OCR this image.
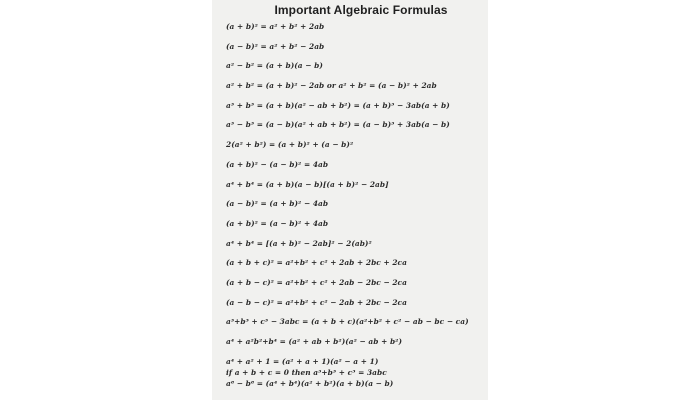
Important Algebraic Formulas
(a + b)² = a² + b² + 2ab
(a − b)² = a² + b² − 2ab
a² − b² = (a + b)(a − b)
a² + b² = (a + b)² − 2ab or a² + b² = (a − b)² + 2ab
a³ + b³ = (a + b)(a² − ab + b²) = (a + b)³ − 3ab(a + b)
a³ − b³ = (a − b)(a² + ab + b²) = (a − b)³ + 3ab(a − b)
2(a² + b²) = (a + b)² + (a − b)²
(a + b)² − (a − b)² = 4ab
a⁴ + b⁴ = (a + b)(a − b)[(a + b)² − 2ab]
(a − b)² = (a + b)² − 4ab
(a + b)² = (a − b)² + 4ab
a⁴ + b⁴ = [(a + b)² − 2ab]² − 2(ab)²
(a + b + c)² = a²+b² + c² + 2ab + 2bc + 2ca
(a + b − c)² = a²+b² + c² + 2ab − 2bc − 2ca
(a − b − c)² = a²+b² + c² − 2ab + 2bc − 2ca
a³+b³ + c³ − 3abc = (a + b + c)(a²+b² + c² − ab − bc − ca)
a⁴ + a²b²+b⁴ = (a² + ab + b²)(a² − ab + b²)
a⁴ + a² + 1 = (a² + a + 1)(a² − a + 1)
if a + b + c = 0 then a³+b³ + c³ = 3abc
a⁸ − b⁸ = (a⁴ + b⁴)(a² + b²)(a + b)(a − b)
